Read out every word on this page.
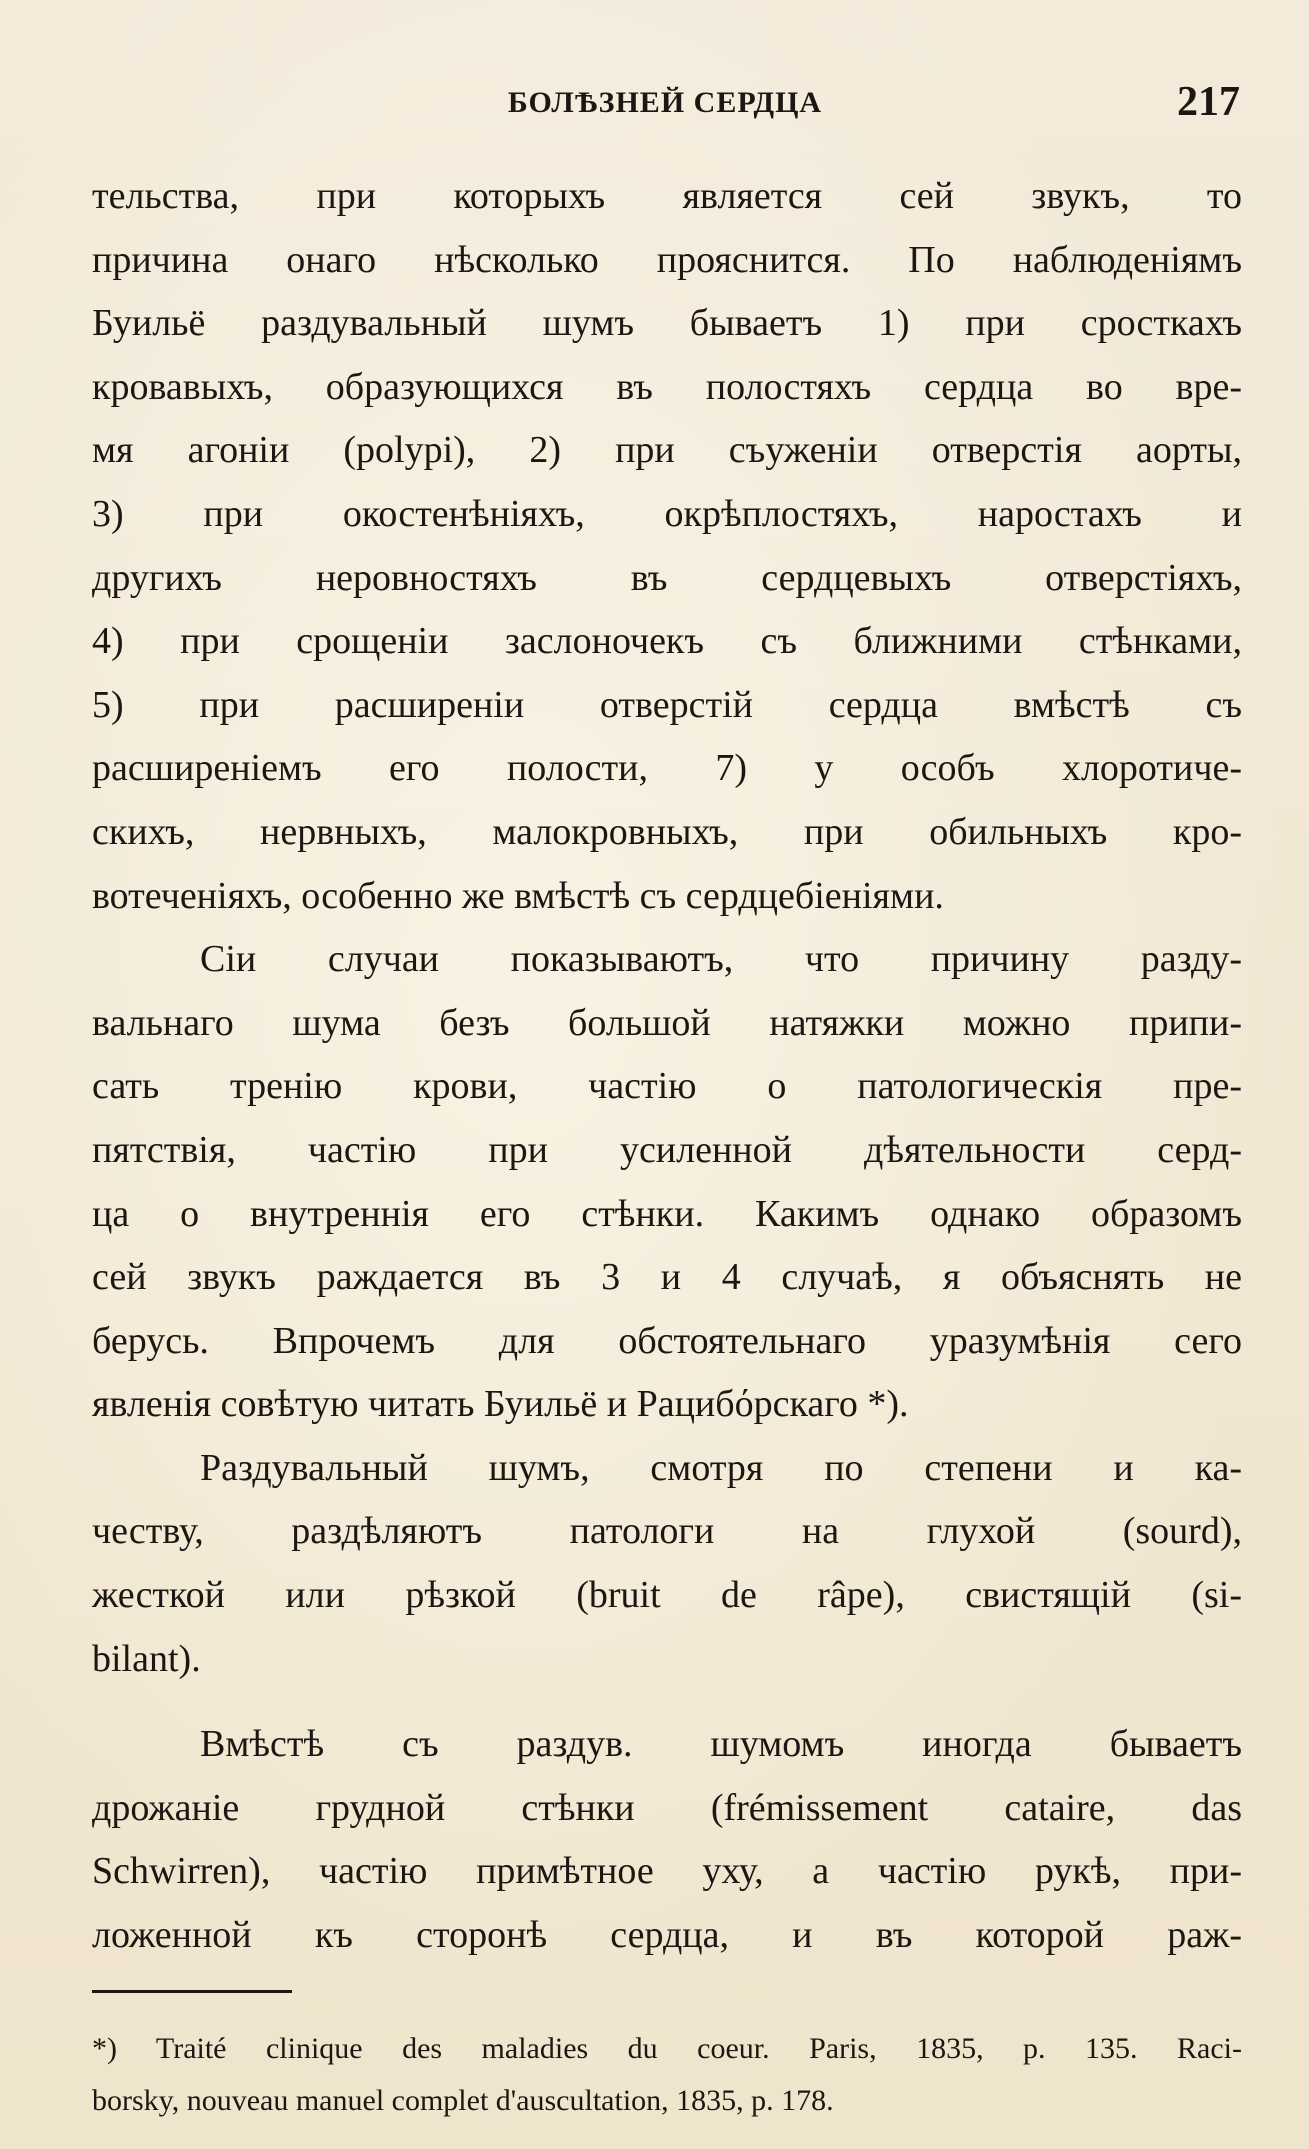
БОЛѢЗНЕЙ СЕРДЦА	217
тельства, при которыхъ является сей звукъ, то
причина онаго нѣсколько прояснится. По наблюденіямъ
Буильё раздувальный шумъ бываетъ 1) при сросткахъ
кровавыхъ, образующихся въ полостяхъ сердца во вре-
мя агоніи (polypi), 2) при съуженіи отверстія аорты,
3) при окостенѣніяхъ, окрѣплостяхъ, наростахъ и
другихъ неровностяхъ въ сердцевыхъ отверстіяхъ,
4) при срощеніи заслоночекъ съ ближними стѣнками,
5) при расширеніи отверстій сердца вмѣстѣ съ
расширеніемъ его полости, 7) у особъ хлоротиче-
скихъ, нервныхъ, малокровныхъ, при обильныхъ кро-
вотеченіяхъ, особенно же вмѣстѣ съ сердцебіеніями.
Сіи случаи показываютъ, что причину разду-
вальнаго шума безъ большой натяжки можно припи-
сать тренію крови, частію о патологическія пре-
пятствія, частію при усиленной дѣятельности серд-
ца о внутреннія его стѣнки. Какимъ однако образомъ
сей звукъ раждается въ 3 и 4 случаѣ, я объяснять не
берусь. Впрочемъ для обстоятельнаго уразумѣнія сего
явленія совѣтую читать Буильё и Рацибόрскаго *).
Раздувальный шумъ, смотря по степени и ка-
честву, раздѣляютъ патологи на глухой (sourd),
жесткой или рѣзкой (bruit de râpe), свистящій (si-
bilant).
Вмѣстѣ съ раздув. шумомъ иногда бываетъ
дрожаніе грудной стѣнки (frémissement cataire, das
Schwirren), частію примѣтное уху, а частію рукѣ, при-
ложенной къ сторонѣ сердца, и въ которой раж-
*) Traité clinique des maladies du coeur. Paris, 1835, p. 135. Raci-
borsky, nouveau manuel complet d'auscultation, 1835, p. 178.
